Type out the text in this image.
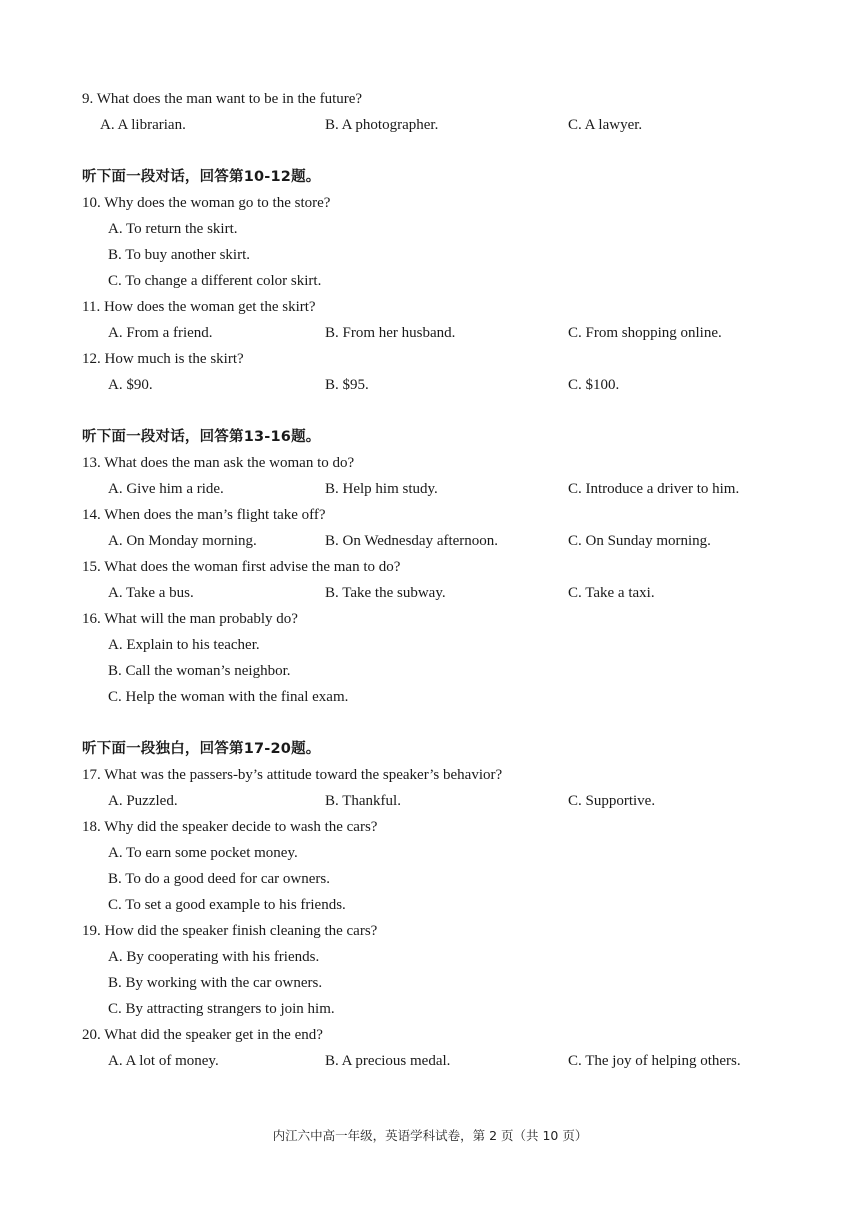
9. What does the man want to be in the future?
A. A librarian.	B. A photographer.	C. A lawyer.
听下面一段对话，回答第10-12题。
10. Why does the woman go to the store?
A. To return the skirt.
B. To buy another skirt.
C. To change a different color skirt.
11. How does the woman get the skirt?
A. From a friend.	B. From her husband.	C. From shopping online.
12. How much is the skirt?
A. $90.	B. $95.	C. $100.
听下面一段对话，回答第13-16题。
13. What does the man ask the woman to do?
A. Give him a ride.	B. Help him study.	C. Introduce a driver to him.
14. When does the man’s flight take off?
A. On Monday morning.	B. On Wednesday afternoon.	C. On Sunday morning.
15. What does the woman first advise the man to do?
A. Take a bus.	B. Take the subway.	C. Take a taxi.
16. What will the man probably do?
A. Explain to his teacher.
B. Call the woman’s neighbor.
C. Help the woman with the final exam.
听下面一段独白，回答第17-20题。
17. What was the passers-by’s attitude toward the speaker’s behavior?
A. Puzzled.	B. Thankful.	C. Supportive.
18. Why did the speaker decide to wash the cars?
A. To earn some pocket money.
B. To do a good deed for car owners.
C. To set a good example to his friends.
19. How did the speaker finish cleaning the cars?
A. By cooperating with his friends.
B. By working with the car owners.
C. By attracting strangers to join him.
20. What did the speaker get in the end?
A. A lot of money.	B. A precious medal.	C. The joy of helping others.
内江六中高一年级，英语学科试卷，第 2 页（共 10 页）
